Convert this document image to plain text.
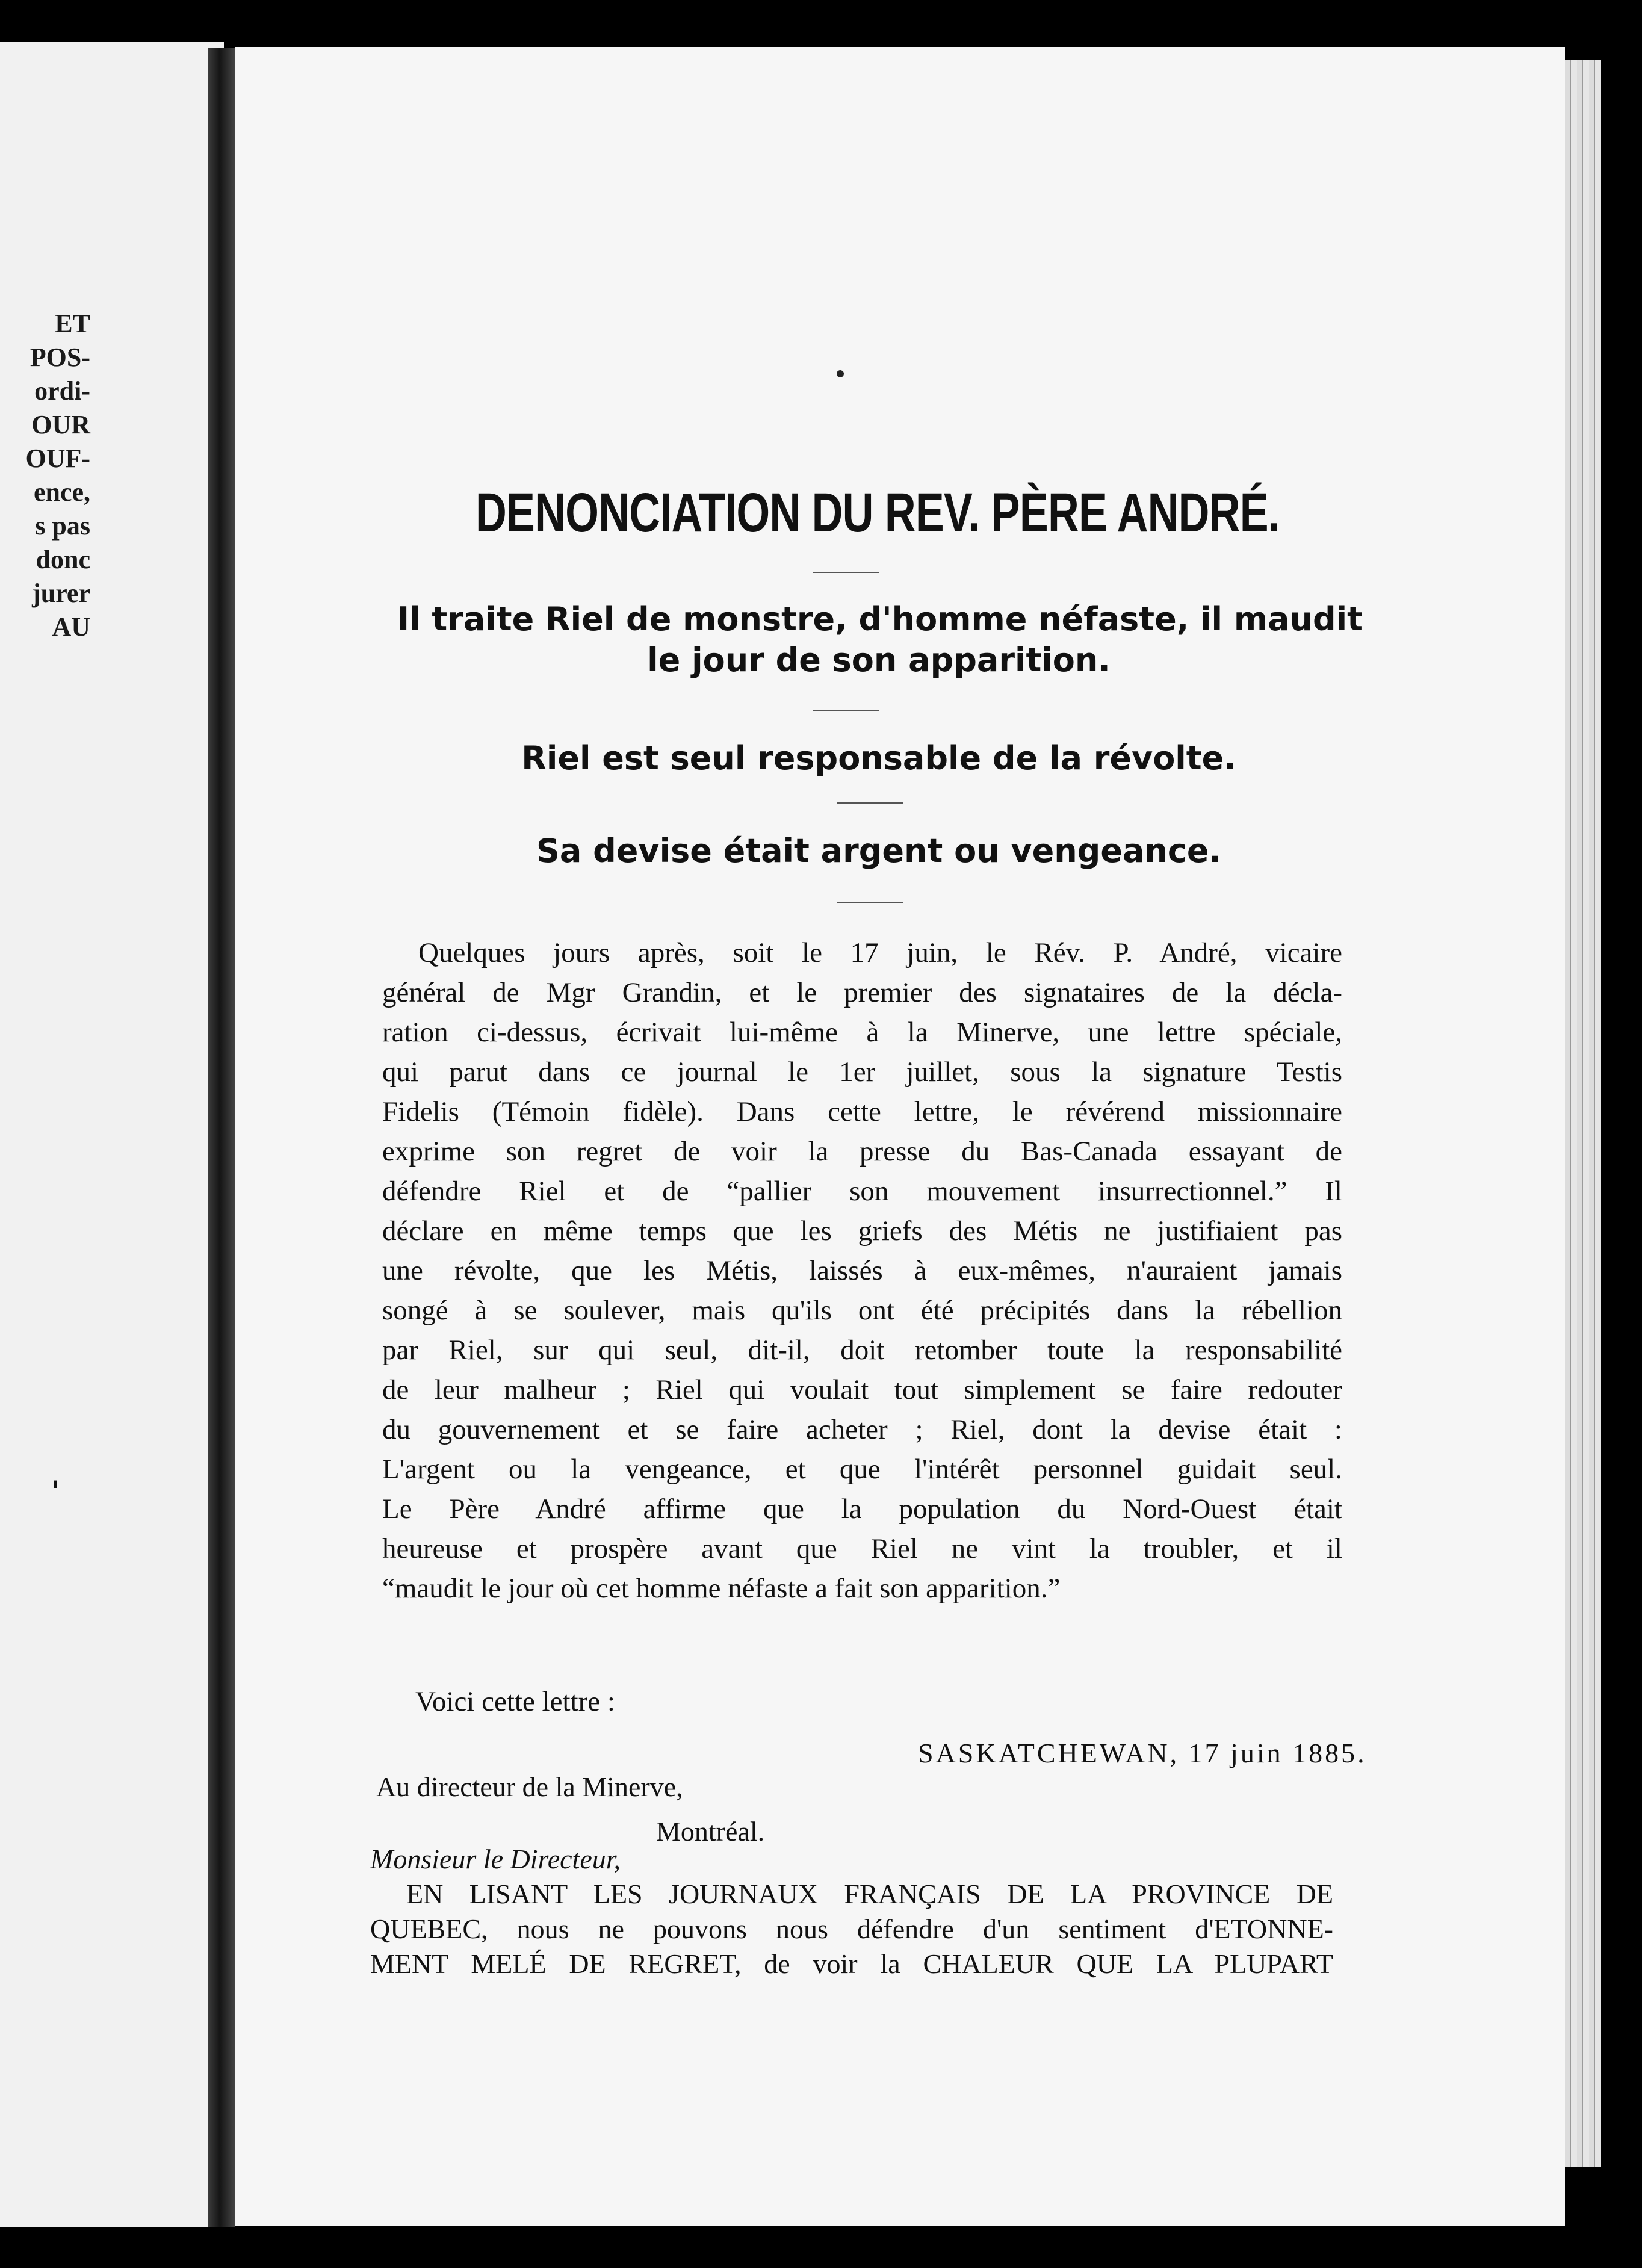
ET
POS-
ordi-
OUR
OUF-
ence,
s pas
donc
jurer
AU
'
DENONCIATION DU REV. PÈRE ANDRÉ.
Il traite Riel de monstre, d'homme néfaste, il maudit
le jour de son apparition.
Riel est seul responsable de la révolte.
Sa devise était argent ou vengeance.
Quelques jours après, soit le 17 juin, le Rév. P. André, vicaire
général de Mgr Grandin, et le premier des signataires de la décla-
ration ci-dessus, écrivait lui-même à la Minerve, une lettre spéciale,
qui parut dans ce journal le 1er juillet, sous la signature Testis
Fidelis (Témoin fidèle). Dans cette lettre, le révérend missionnaire
exprime son regret de voir la presse du Bas-Canada essayant de
défendre Riel et de “pallier son mouvement insurrectionnel.” Il
déclare en même temps que les griefs des Métis ne justifiaient pas
une révolte, que les Métis, laissés à eux-mêmes, n'auraient jamais
songé à se soulever, mais qu'ils ont été précipités dans la rébellion
par Riel, sur qui seul, dit-il, doit retomber toute la responsabilité
de leur malheur ; Riel qui voulait tout simplement se faire redouter
du gouvernement et se faire acheter ; Riel, dont la devise était :
L'argent ou la vengeance, et que l'intérêt personnel guidait seul.
Le Père André affirme que la population du Nord-Ouest était
heureuse et prospère avant que Riel ne vint la troubler, et il
“maudit le jour où cet homme néfaste a fait son apparition.”
Voici cette lettre :
SASKATCHEWAN, 17 juin 1885.
Au directeur de la Minerve,
Montréal.
Monsieur le Directeur,
EN LISANT LES JOURNAUX FRANÇAIS DE LA PROVINCE DE
QUEBEC, nous ne pouvons nous défendre d'un sentiment d'ETONNE-
MENT MELÉ DE REGRET, de voir la CHALEUR QUE LA PLUPART
